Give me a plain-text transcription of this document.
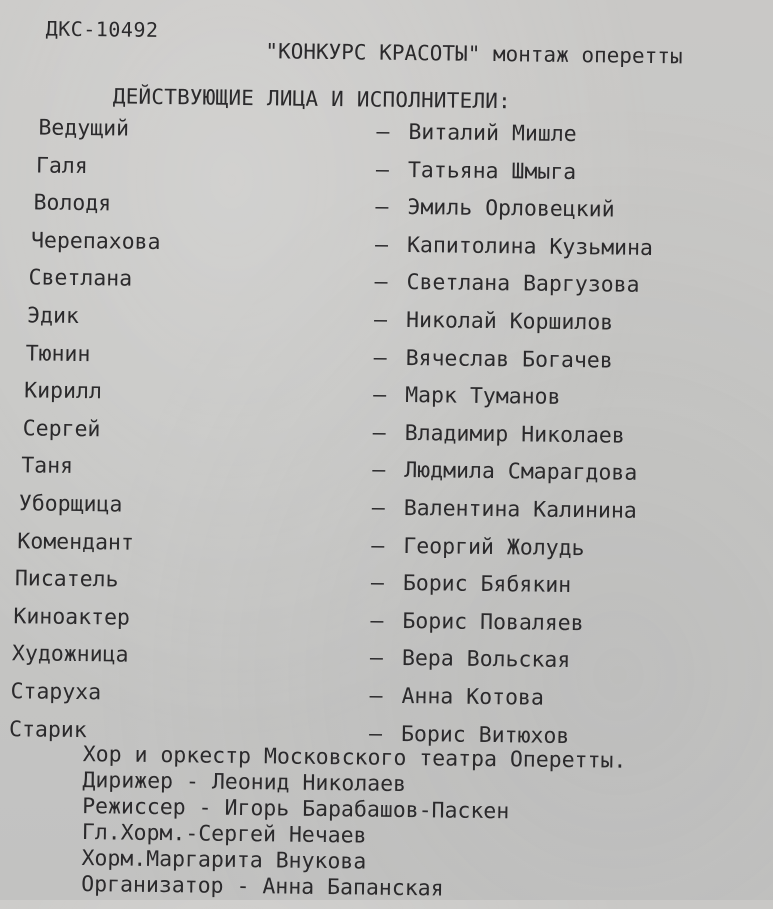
ДКС-10492
"КОНКУРС КРАСОТЫ" монтаж оперетты
ДЕЙСТВУЮЩИЕ ЛИЦА И ИСПОЛНИТЕЛИ:
Ведущий	– Виталий Мишле
Галя	– Татьяна Шмыга
Володя	– Эмиль Орловецкий
Черепахова	– Капитолина Кузьмина
Светлана	– Светлана Варгузова
Эдик	– Николай Коршилов
Тюнин	– Вячеслав Богачев
Кирилл	– Марк Туманов
Сергей	– Владимир Николаев
Таня	– Людмила Смарагдова
Уборщица	– Валентина Калинина
Комендант	– Георгий Жолудь
Писатель	– Борис Бябякин
Киноактер	– Борис Поваляев
Художница	– Вера Вольская
Старуха	– Анна Котова
Старик	– Борис Витюхов
Хор и оркестр Московского театра Оперетты.
Дирижер - Леонид Николаев
Режиссер - Игорь Барабашов-Паскен
Гл.Хорм.-Сергей Нечаев
Хорм.Маргарита Внукова
Организатор - Анна Бапанская
